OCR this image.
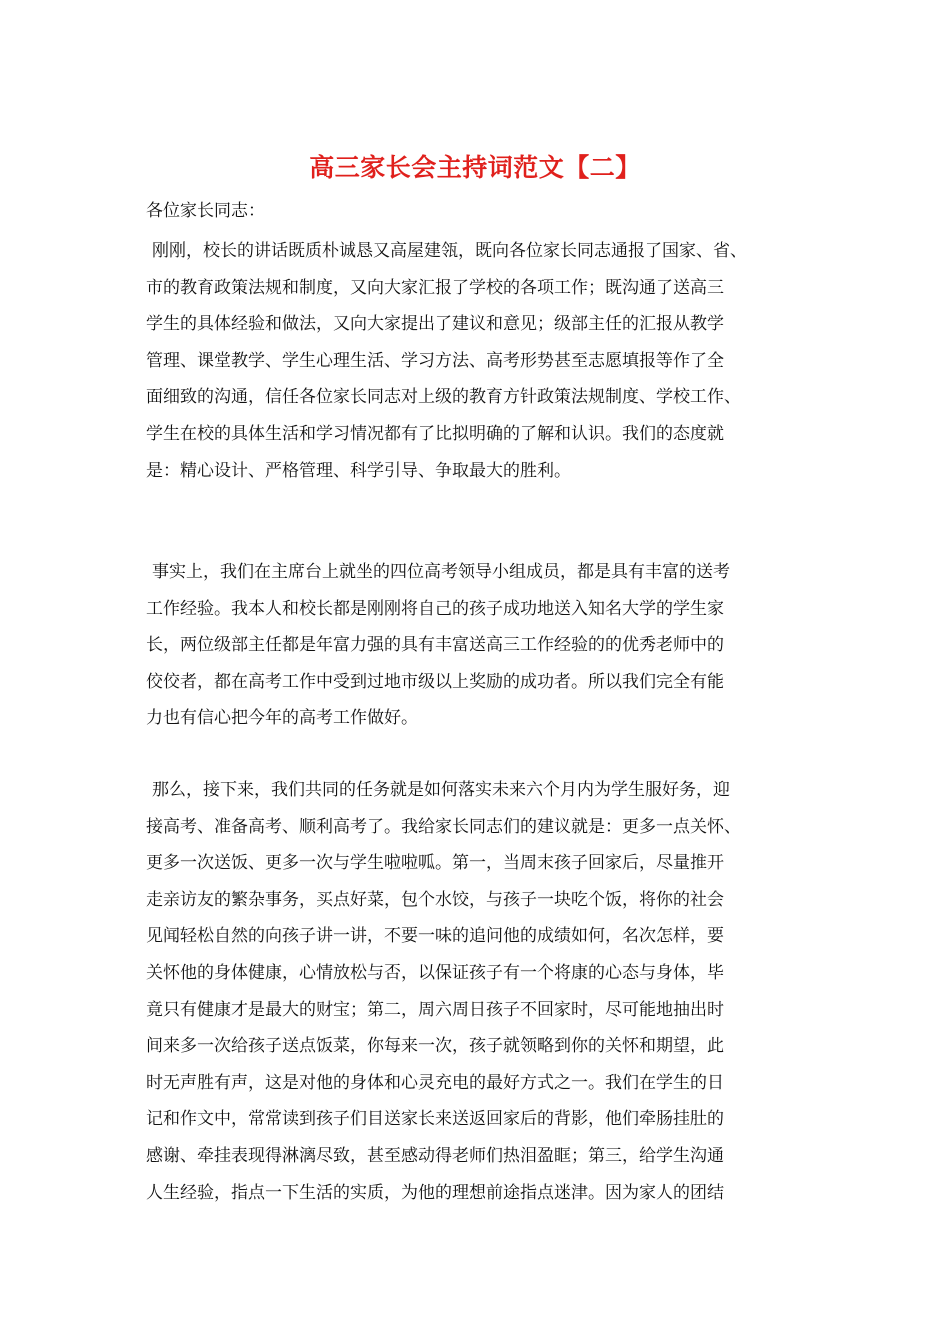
高三家长会主持词范文【二】
各位家长同志：
刚刚，校长的讲话既质朴诚恳又高屋建瓴，既向各位家长同志通报了国家、省、
市的教育政策法规和制度，又向大家汇报了学校的各项工作；既沟通了送高三
学生的具体经验和做法，又向大家提出了建议和意见；级部主任的汇报从教学
管理、课堂教学、学生心理生活、学习方法、高考形势甚至志愿填报等作了全
面细致的沟通，信任各位家长同志对上级的教育方针政策法规制度、学校工作、
学生在校的具体生活和学习情况都有了比拟明确的了解和认识。我们的态度就
是：精心设计、严格管理、科学引导、争取最大的胜利。
事实上，我们在主席台上就坐的四位高考领导小组成员，都是具有丰富的送考
工作经验。我本人和校长都是刚刚将自己的孩子成功地送入知名大学的学生家
长，两位级部主任都是年富力强的具有丰富送高三工作经验的的优秀老师中的
佼佼者，都在高考工作中受到过地市级以上奖励的成功者。所以我们完全有能
力也有信心把今年的高考工作做好。
那么，接下来，我们共同的任务就是如何落实未来六个月内为学生服好务，迎
接高考、准备高考、顺利高考了。我给家长同志们的建议就是：更多一点关怀、
更多一次送饭、更多一次与学生啦啦呱。第一，当周末孩子回家后，尽量推开
走亲访友的繁杂事务，买点好菜，包个水饺，与孩子一块吃个饭，将你的社会
见闻轻松自然的向孩子讲一讲，不要一味的追问他的成绩如何，名次怎样，要
关怀他的身体健康，心情放松与否，以保证孩子有一个将康的心态与身体，毕
竟只有健康才是最大的财宝；第二，周六周日孩子不回家时，尽可能地抽出时
间来多一次给孩子送点饭菜，你每来一次，孩子就领略到你的关怀和期望，此
时无声胜有声，这是对他的身体和心灵充电的最好方式之一。我们在学生的日
记和作文中，常常读到孩子们目送家长来送返回家后的背影，他们牵肠挂肚的
感谢、牵挂表现得淋漓尽致，甚至感动得老师们热泪盈眶；第三，给学生沟通
人生经验，指点一下生活的实质，为他的理想前途指点迷津。因为家人的团结
